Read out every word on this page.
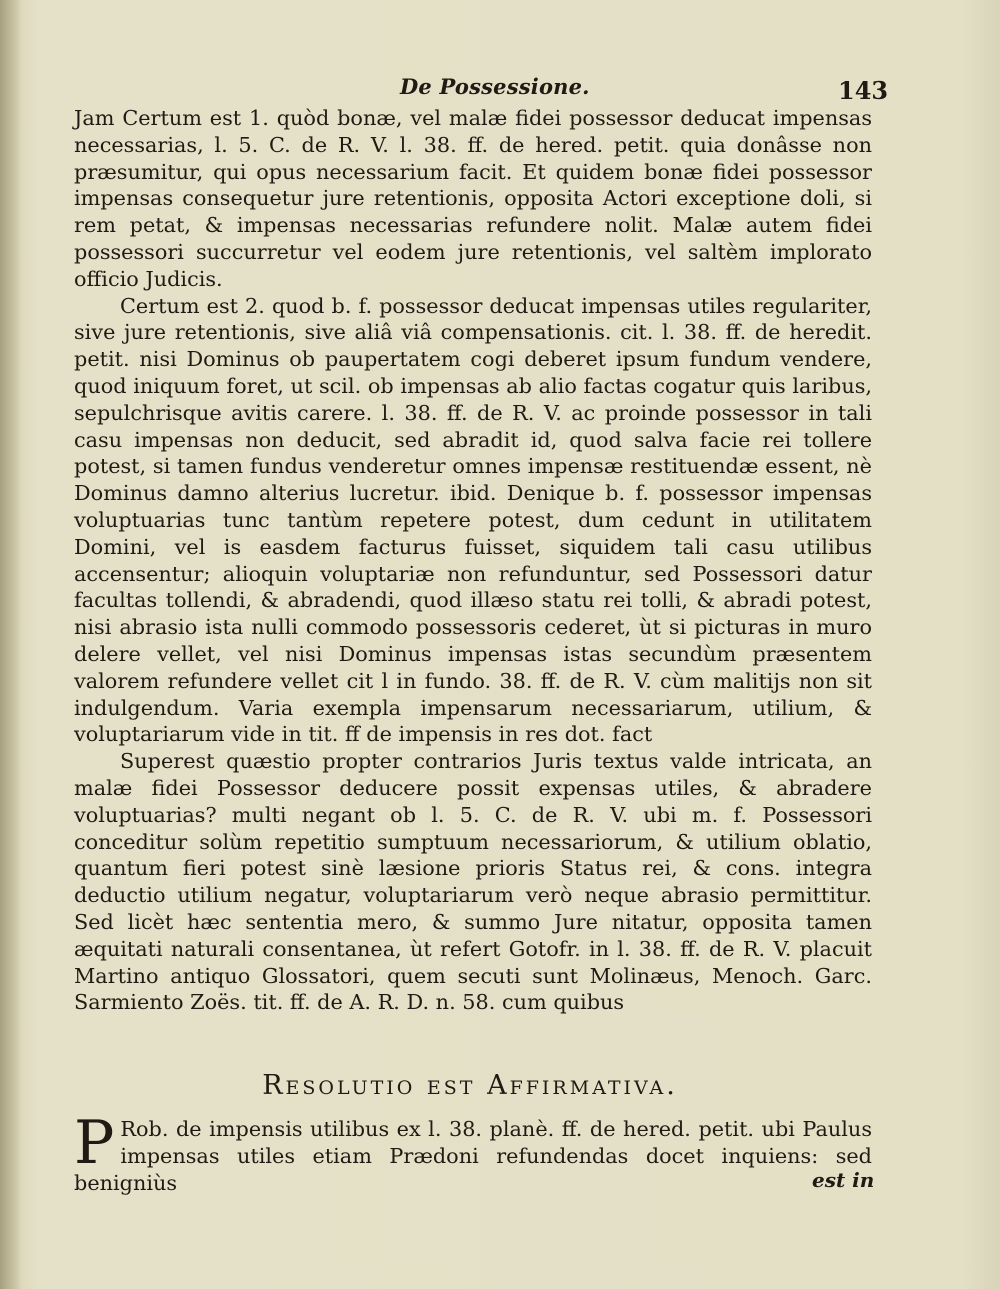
De Possessione.	143

Jam Certum est 1. quòd bonæ, vel malæ fidei possessor deducat impensas necessarias, l. 5. C. de R. V. l. 38. ff. de hered. petit. quia donâsse non præsumitur, qui opus necessarium facit. Et quidem bonæ fidei possessor impensas consequetur jure retentionis, opposita Actori exceptione doli, si rem petat, & impensas necessarias refundere nolit. Malæ autem fidei possessori succurretur vel eodem jure retentionis, vel saltèm implorato officio Judicis.

Certum est 2. quod b. f. possessor deducat impensas utiles regulariter, sive jure retentionis, sive aliâ viâ compensationis. cit. l. 38. ff. de heredit. petit. nisi Dominus ob paupertatem cogi deberet ipsum fundum vendere, quod iniquum foret, ut scil. ob impensas ab alio factas cogatur quis laribus, sepulchrisque avitis carere. l. 38. ff. de R. V. ac proinde possessor in tali casu impensas non deducit, sed abradit id, quod salva facie rei tollere potest, si tamen fundus venderetur omnes impensæ restituendæ essent, nè Dominus damno alterius lucretur. ibid. Denique b. f. possessor impensas voluptuarias tunc tantùm repetere potest, dum cedunt in utilitatem Domini, vel is easdem facturus fuisset, siquidem tali casu utilibus accensentur; alioquin voluptariæ non refunduntur, sed Possessori datur facultas tollendi, & abradendi, quod illæso statu rei tolli, & abradi potest, nisi abrasio ista nulli commodo possessoris cederet, ùt si picturas in muro delere vellet, vel nisi Dominus impensas istas secundùm præsentem valorem refundere vellet cit l in fundo. 38. ff. de R. V. cùm malitijs non sit indulgendum. Varia exempla impensarum necessariarum, utilium, & voluptariarum vide in tit. ff de impensis in res dot. fact

Superest quæstio propter contrarios Juris textus valde intricata, an malæ fidei Possessor deducere possit expensas utiles, & abradere voluptuarias? multi negant ob l. 5. C. de R. V. ubi m. f. Possessori conceditur solùm repetitio sumptuum necessariorum, & utilium oblatio, quantum fieri potest sinè læsione prioris Status rei, & cons. integra deductio utilium negatur, voluptariarum verò neque abrasio permittitur. Sed licèt hæc sententia mero, & summo Jure nitatur, opposita tamen æquitati naturali consentanea, ùt refert Gotofr. in l. 38. ff. de R. V. placuit Martino antiquo Glossatori, quem secuti sunt Molinæus, Menoch. Garc. Sarmiento Zoës. tit. ff. de A. R. D. n. 58. cum quibus

Resolutio est Affirmativa.
P Rob. de impensis utilibus ex l. 38. planè. ff. de hered. petit. ubi Paulus impensas utiles etiam Prædoni refundendas docet inquiens: sed benigniùs	est in
